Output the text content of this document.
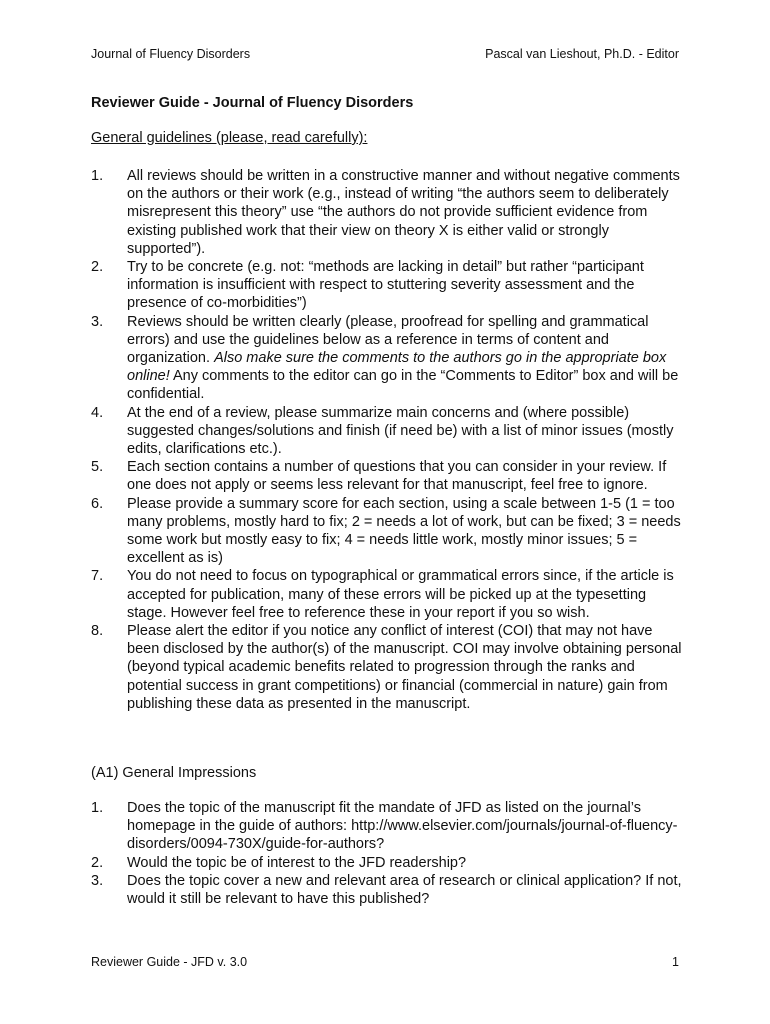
Journal of Fluency Disorders	Pascal van Lieshout, Ph.D. - Editor
Reviewer Guide - Journal of Fluency Disorders
General guidelines (please, read carefully):
1. All reviews should be written in a constructive manner and without negative comments on the authors or their work (e.g., instead of writing “the authors seem to deliberately misrepresent this theory” use “the authors do not provide sufficient evidence from existing published work that their view on theory X is either valid or strongly supported”).
2. Try to be concrete (e.g. not: “methods are lacking in detail” but rather “participant information is insufficient with respect to stuttering severity assessment and the presence of co-morbidities”)
3. Reviews should be written clearly (please, proofread for spelling and grammatical errors) and use the guidelines below as a reference in terms of content and organization. Also make sure the comments to the authors go in the appropriate box online! Any comments to the editor can go in the “Comments to Editor” box and will be confidential.
4. At the end of a review, please summarize main concerns and (where possible) suggested changes/solutions and finish (if need be) with a list of minor issues (mostly edits, clarifications etc.).
5. Each section contains a number of questions that you can consider in your review. If one does not apply or seems less relevant for that manuscript, feel free to ignore.
6. Please provide a summary score for each section, using a scale between 1-5 (1 = too many problems, mostly hard to fix; 2 = needs a lot of work, but can be fixed; 3 = needs some work but mostly easy to fix; 4 = needs little work, mostly minor issues; 5 = excellent as is)
7. You do not need to focus on typographical or grammatical errors since, if the article is accepted for publication, many of these errors will be picked up at the typesetting stage. However feel free to reference these in your report if you so wish.
8. Please alert the editor if you notice any conflict of interest (COI) that may not have been disclosed by the author(s) of the manuscript. COI may involve obtaining personal (beyond typical academic benefits related to progression through the ranks and potential success in grant competitions) or financial (commercial in nature) gain from publishing these data as presented in the manuscript.
(A1) General Impressions
1. Does the topic of the manuscript fit the mandate of JFD as listed on the journal’s homepage in the guide of authors: http://www.elsevier.com/journals/journal-of-fluency-disorders/0094-730X/guide-for-authors?
2. Would the topic be of interest to the JFD readership?
3. Does the topic cover a new and relevant area of research or clinical application? If not, would it still be relevant to have this published?
Reviewer Guide - JFD v. 3.0	1
